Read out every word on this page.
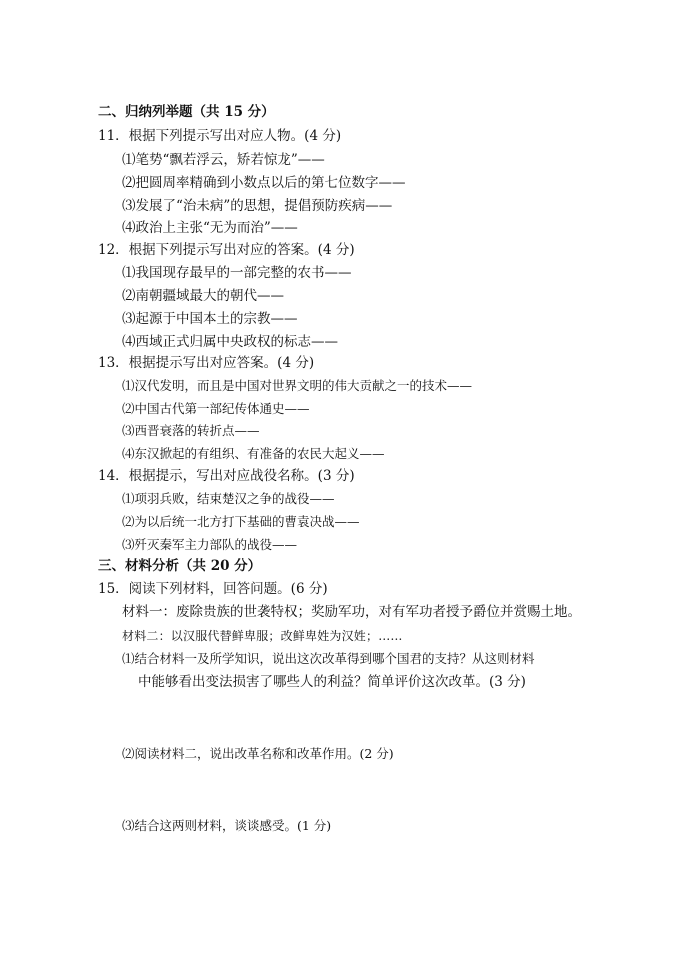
二、归纳列举题（共 15 分）
11．根据下列提示写出对应人物。(4 分)
⑴笔势“飘若浮云，矫若惊龙”——
⑵把圆周率精确到小数点以后的第七位数字——
⑶发展了“治未病”的思想，提倡预防疾病——
⑷政治上主张“无为而治”——
12．根据下列提示写出对应的答案。(4 分)
⑴我国现存最早的一部完整的农书——
⑵南朝疆域最大的朝代——
⑶起源于中国本土的宗教——
⑷西域正式归属中央政权的标志——
13．根据提示写出对应答案。(4 分)
⑴汉代发明，而且是中国对世界文明的伟大贡献之一的技术——
⑵中国古代第一部纪传体通史——
⑶西晋衰落的转折点——
⑷东汉掀起的有组织、有准备的农民大起义——
14．根据提示，写出对应战役名称。(3 分)
⑴项羽兵败，结束楚汉之争的战役——
⑵为以后统一北方打下基础的曹袁决战——
⑶歼灭秦军主力部队的战役——
三、材料分析（共 20 分）
15．阅读下列材料，回答问题。(6 分)
材料一：废除贵族的世袭特权；奖励军功，对有军功者授予爵位并赏赐土地。
材料二：以汉服代替鲜卑服；改鲜卑姓为汉姓；……
⑴结合材料一及所学知识，说出这次改革得到哪个国君的支持？从这则材料
中能够看出变法损害了哪些人的利益？简单评价这次改革。(3 分)
⑵阅读材料二，说出改革名称和改革作用。(2 分)
⑶结合这两则材料，谈谈感受。(1 分)
